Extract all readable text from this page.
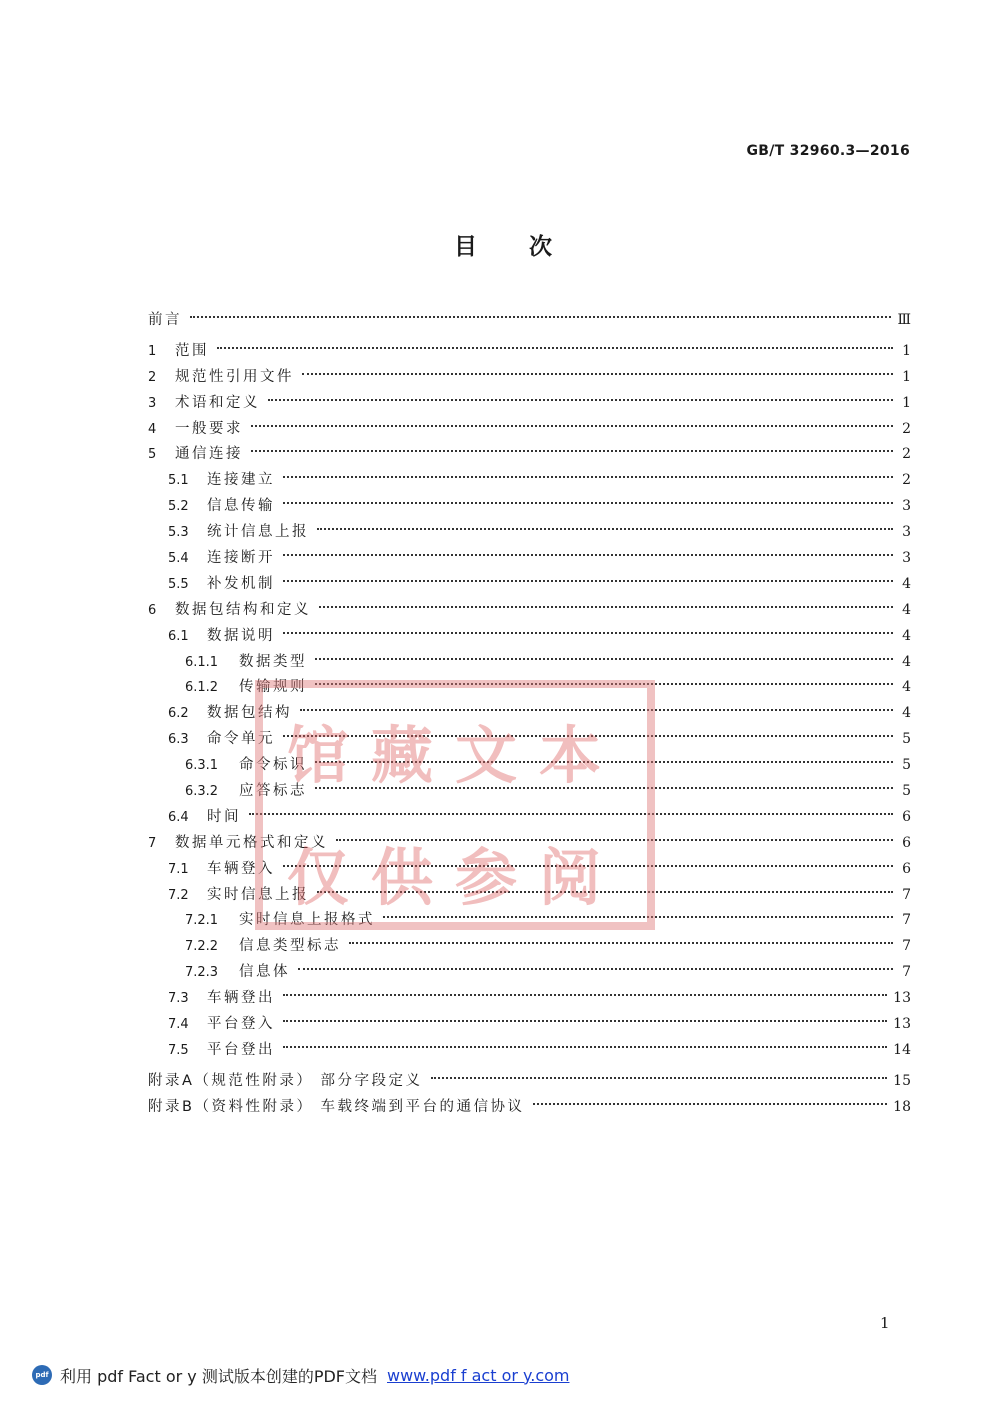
GB/T 32960.3—2016
目次
前言	Ⅲ
1	范围	1
2	规范性引用文件	1
3	术语和定义	1
4	一般要求	2
5	通信连接	2
5.1	连接建立	2
5.2	信息传输	3
5.3	统计信息上报	3
5.4	连接断开	3
5.5	补发机制	4
6	数据包结构和定义	4
6.1	数据说明	4
6.1.1	数据类型	4
6.1.2	传输规则	4
6.2	数据包结构	4
6.3	命令单元	5
6.3.1	命令标识	5
6.3.2	应答标志	5
6.4	时间	6
7	数据单元格式和定义	6
7.1	车辆登入	6
7.2	实时信息上报	7
7.2.1	实时信息上报格式	7
7.2.2	信息类型标志	7
7.2.3	信息体	7
7.3	车辆登出	13
7.4	平台登入	13
7.5	平台登出	14
附录A（规范性附录） 部分字段定义	15
附录B（资料性附录） 车载终端到平台的通信协议	18
馆藏文本
仅供参阅
1
pdf 利用 pdf Fact or y 测试版本创建的PDF文档 www.pdf f act or y.com
